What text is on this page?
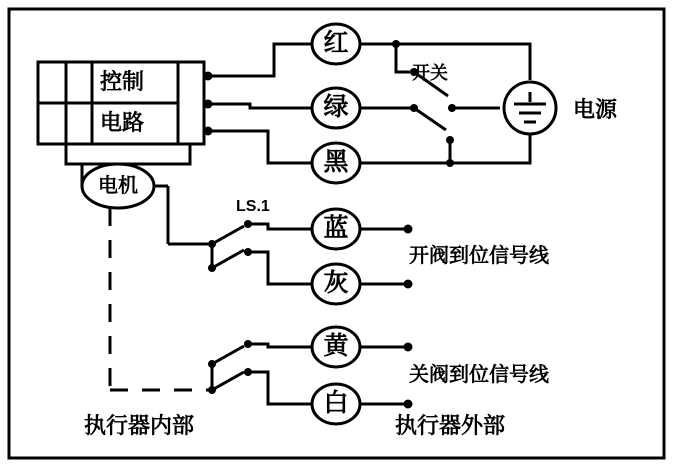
控制
电路
电机
红
绿
黑
蓝
灰
黄
白
开关
LS.1
电源
开阀到位信号线
关阀到位信号线
执行器内部	执行器外部
